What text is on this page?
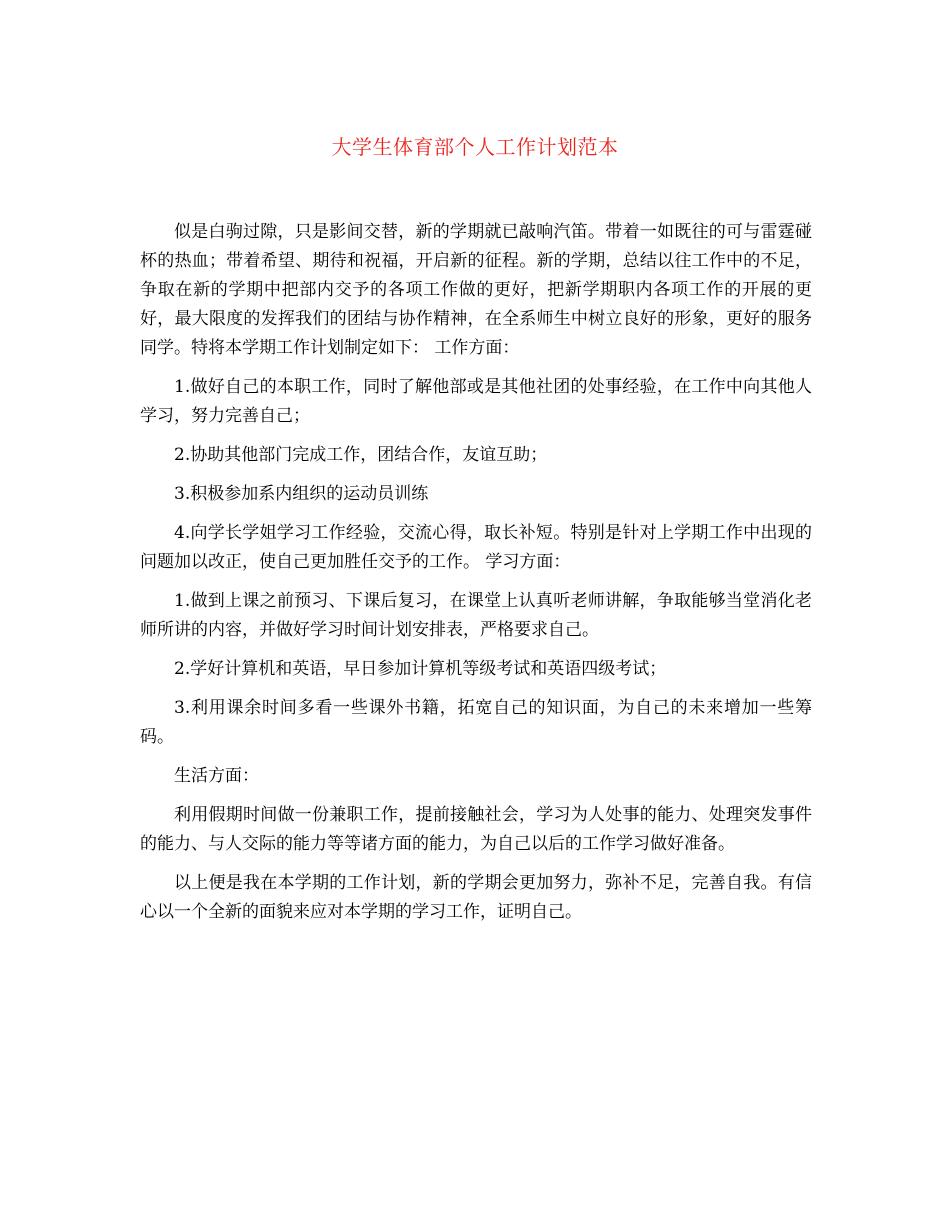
大学生体育部个人工作计划范本

似是白驹过隙，只是影间交替，新的学期就已敲响汽笛。带着一如既往的可与雷霆碰杯的热血；带着希望、期待和祝福，开启新的征程。新的学期，总结以往工作中的不足，争取在新的学期中把部内交予的各项工作做的更好，把新学期职内各项工作的开展的更好，最大限度的发挥我们的团结与协作精神，在全系师生中树立良好的形象，更好的服务同学。特将本学期工作计划制定如下： 工作方面：

1.做好自己的本职工作，同时了解他部或是其他社团的处事经验，在工作中向其他人学习，努力完善自己；

2.协助其他部门完成工作，团结合作，友谊互助；

3.积极参加系内组织的运动员训练

4.向学长学姐学习工作经验，交流心得，取长补短。特别是针对上学期工作中出现的问题加以改正，使自己更加胜任交予的工作。 学习方面：

1.做到上课之前预习、下课后复习，在课堂上认真听老师讲解，争取能够当堂消化老师所讲的内容，并做好学习时间计划安排表，严格要求自己。

2.学好计算机和英语，早日参加计算机等级考试和英语四级考试；

3.利用课余时间多看一些课外书籍，拓宽自己的知识面，为自己的未来增加一些筹码。

生活方面：

利用假期时间做一份兼职工作，提前接触社会，学习为人处事的能力、处理突发事件的能力、与人交际的能力等等诸方面的能力，为自己以后的工作学习做好准备。

以上便是我在本学期的工作计划，新的学期会更加努力，弥补不足，完善自我。有信心以一个全新的面貌来应对本学期的学习工作，证明自己。
